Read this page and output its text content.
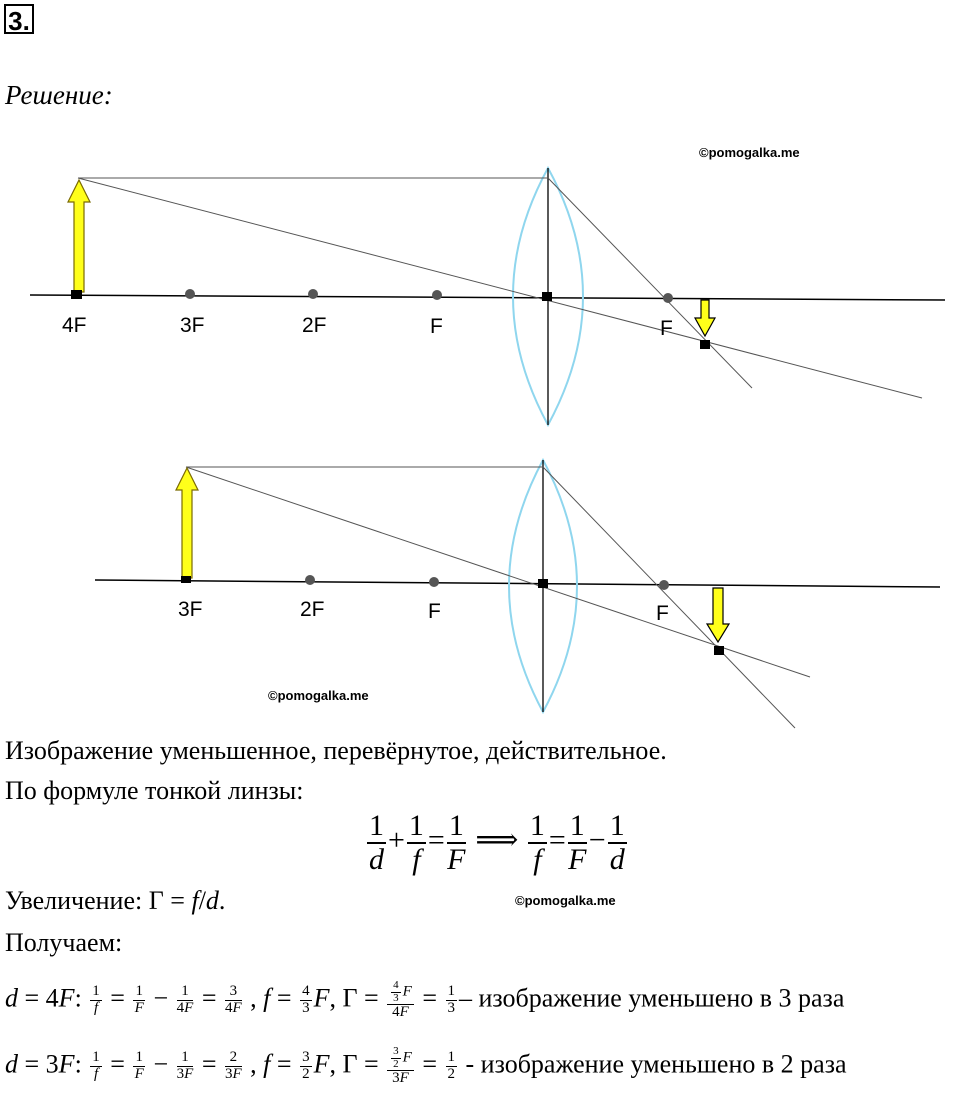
3.
Решение:
4F	3F	2F	F	F
©pomogalka.me
3F	2F	F	F
©pomogalka.me
Изображение уменьшенное, перевёрнутое, действительное.
По формуле тонкой линзы:
$\frac{1}{d} + \frac{1}{f} = \frac{1}{F}$ ⟹ $\frac{1}{f} = \frac{1}{F} - \frac{1}{d}$
Увеличение: Γ = f/d.	©pomogalka.me
Получаем:
d = 4F: $\frac{1}{f} = \frac{1}{F} - \frac{1}{4F} = \frac{3}{4F}$ , $f = \frac{4}{3} F$, $\Gamma = \frac{\frac{4}{3} F}{4F} = \frac{1}{3}$ – изображение уменьшено в 3 раза
d = 3F: $\frac{1}{f} = \frac{1}{F} - \frac{1}{3F} = \frac{2}{3F}$ , $f = \frac{3}{2} F$, $\Gamma = \frac{\frac{3}{2} F}{3F} = \frac{1}{2}$ - изображение уменьшено в 2 раза
